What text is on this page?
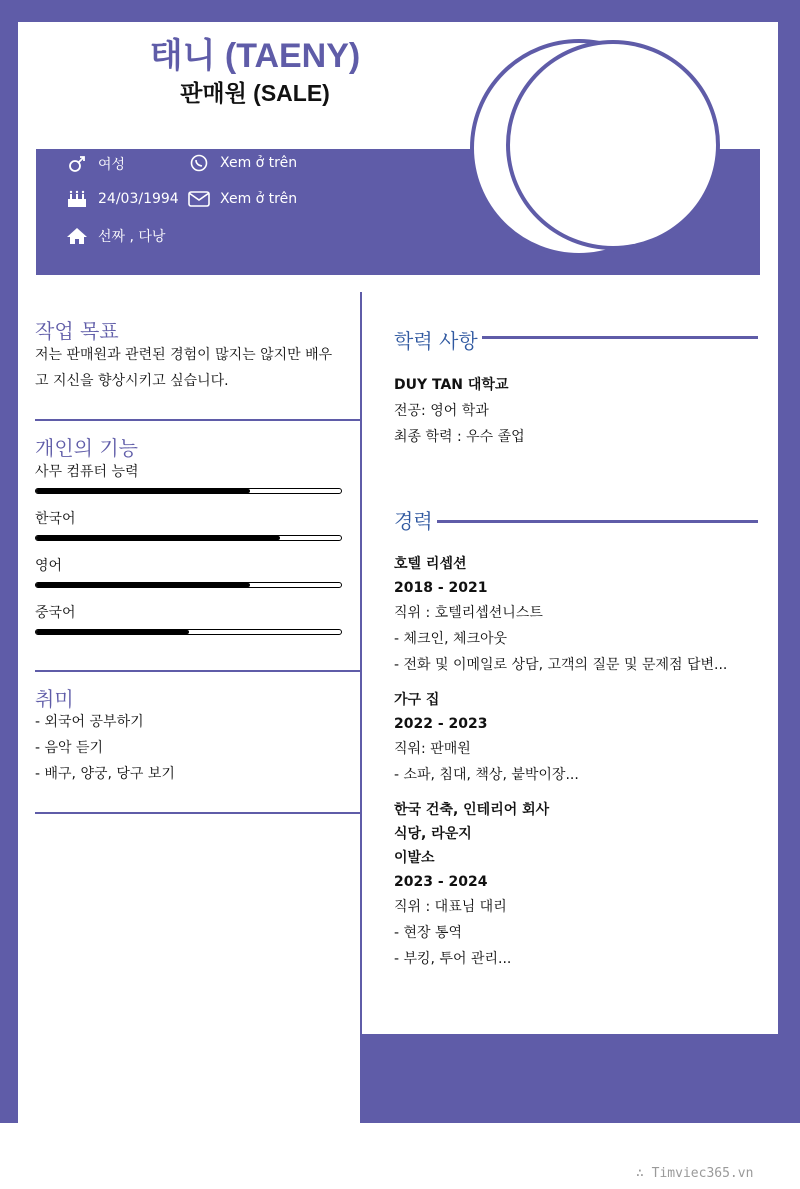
태니 (TAENY)
판매원 (SALE)
여성
24/03/1994
선짜 , 다낭
Xem ở trên
Xem ở trên
작업 목표
저는 판매원과 관련된 경험이 많지는 않지만 배우
고 지신을 향상시키고 싶습니다.
개인의 기능
사무 컴퓨터 능력
한국어
영어
중국어
취미
- 외국어 공부하기
- 음악 듣기
- 배구, 양궁, 당구 보기
학력 사항
DUY TAN 대학교
전공: 영어 학과
최종 학력 : 우수 졸업
경력
호텔 리셉션
2018 - 2021
직위 : 호텔리셉션니스트
- 체크인, 체크아웃
- 전화 및 이메일로 상담, 고객의 질문 및 문제점 답변...
가구 집
2022 - 2023
직워: 판매원
- 소파, 침대, 책상, 붙박이장...
한국 건축, 인테리어 회사
식당, 라운지
이발소
2023 - 2024
직위 : 대표님 대리
- 현장 통역
- 부킹, 투어 관리...
∴ Timviec365.vn
